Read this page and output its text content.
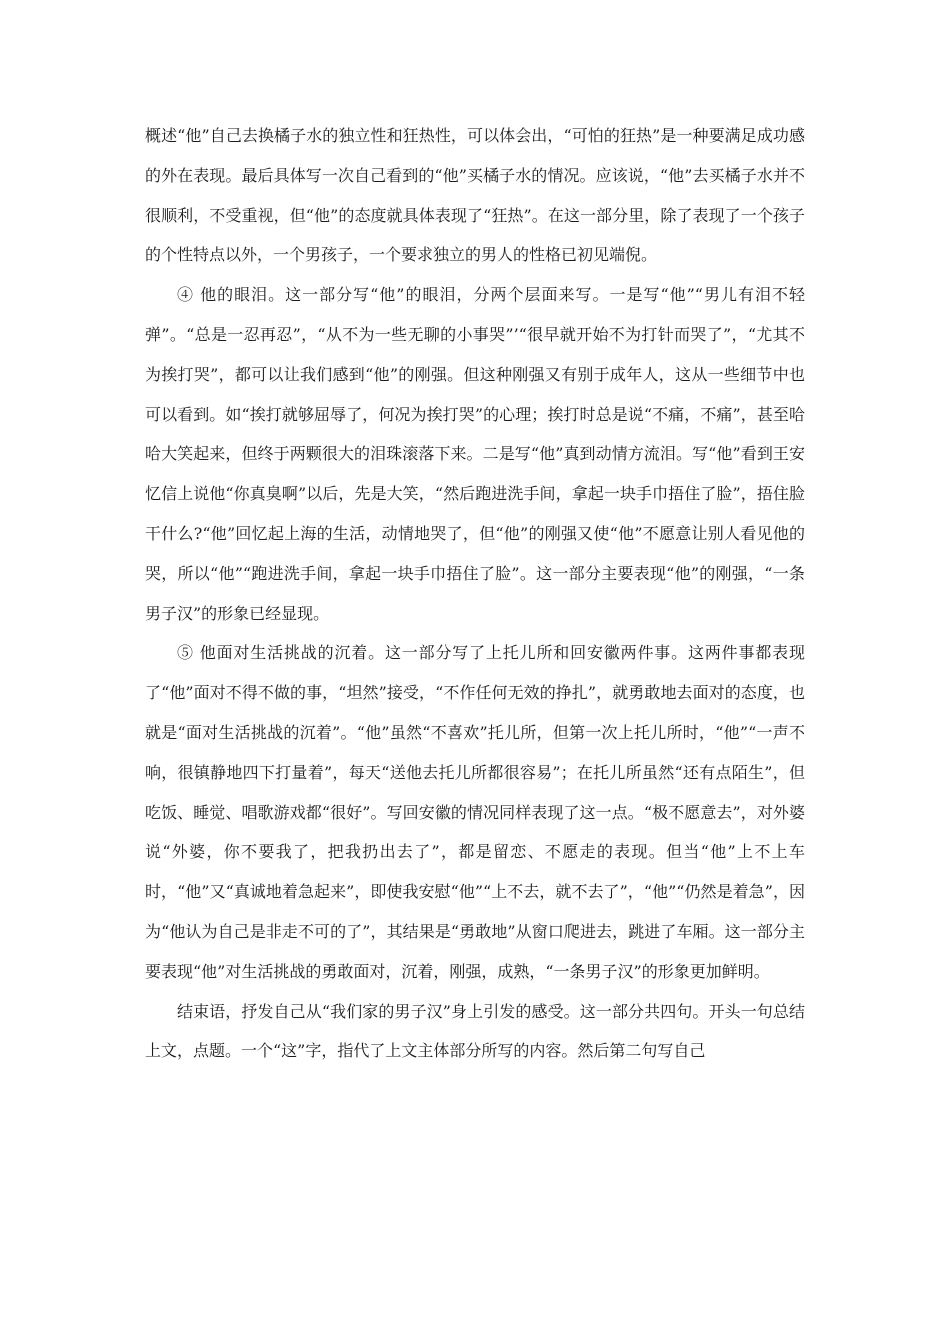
概述“他”自己去换橘子水的独立性和狂热性，可以体会出，“可怕的狂热”是一种要满足成功感的外在表现。最后具体写一次自己看到的“他”买橘子水的情况。应该说，“他”去买橘子水并不很顺利，不受重视，但“他”的态度就具体表现了“狂热”。在这一部分里，除了表现了一个孩子的个性特点以外，一个男孩子，一个要求独立的男人的性格已初见端倪。

④ 他的眼泪。这一部分写“他”的眼泪，分两个层面来写。一是写“他”“男儿有泪不轻弹”。“总是一忍再忍”，“从不为一些无聊的小事哭”’“很早就开始不为打针而哭了”，“尤其不为挨打哭”，都可以让我们感到“他”的刚强。但这种刚强又有别于成年人，这从一些细节中也可以看到。如“挨打就够屈辱了，何况为挨打哭”的心理；挨打时总是说“不痛，不痛”，甚至哈哈大笑起来，但终于两颗很大的泪珠滚落下来。二是写“他”真到动情方流泪。写“他”看到王安忆信上说他“你真臭啊”以后，先是大笑，“然后跑进洗手间，拿起一块手巾捂住了脸”，捂住脸干什么?“他”回忆起上海的生活，动情地哭了，但“他”的刚强又使“他”不愿意让别人看见他的哭，所以“他”“跑进洗手间，拿起一块手巾捂住了脸”。这一部分主要表现“他”的刚强，“一条男子汉”的形象已经显现。

⑤ 他面对生活挑战的沉着。这一部分写了上托儿所和回安徽两件事。这两件事都表现了“他”面对不得不做的事，“坦然”接受，“不作任何无效的挣扎”，就勇敢地去面对的态度，也就是“面对生活挑战的沉着”。“他”虽然“不喜欢”托儿所，但第一次上托儿所时，“他”“一声不响，很镇静地四下打量着”，每天“送他去托儿所都很容易”；在托儿所虽然“还有点陌生”，但吃饭、睡觉、唱歌游戏都“很好”。写回安徽的情况同样表现了这一点。“极不愿意去”，对外婆说“外婆，你不要我了，把我扔出去了”，都是留恋、不愿走的表现。但当“他”上不上车时，“他”又“真诚地着急起来”，即使我安慰“他”“上不去，就不去了”，“他”“仍然是着急”，因为“他认为自己是非走不可的了”，其结果是“勇敢地”从窗口爬进去，跳进了车厢。这一部分主要表现“他”对生活挑战的勇敢面对，沉着，刚强，成熟，“一条男子汉”的形象更加鲜明。

结束语，抒发自己从“我们家的男子汉”身上引发的感受。这一部分共四句。开头一句总结上文，点题。一个“这”字，指代了上文主体部分所写的内容。然后第二句写自己
